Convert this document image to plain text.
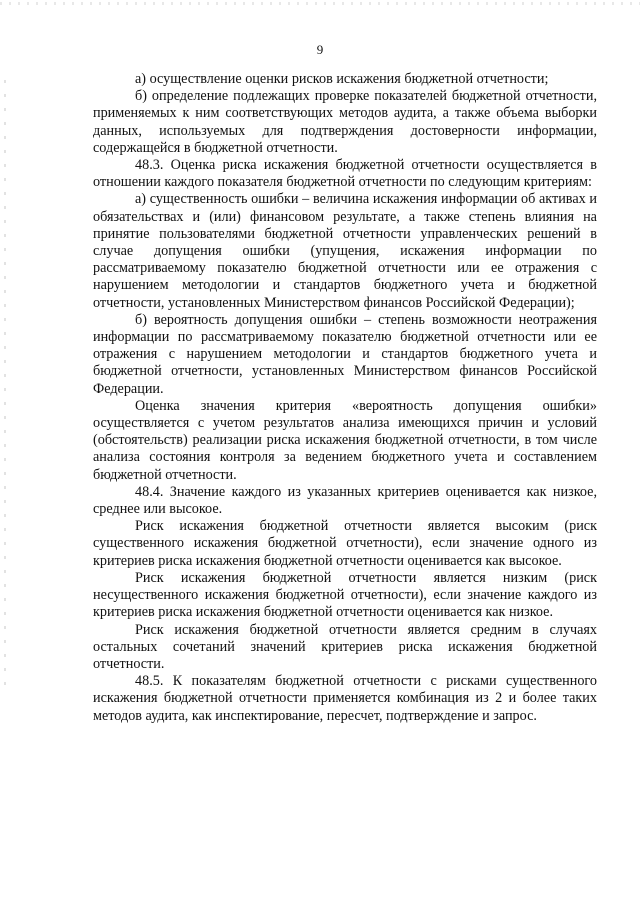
9

а) осуществление оценки рисков искажения бюджетной отчетности;

б) определение подлежащих проверке показателей бюджетной отчетности, применяемых к ним соответствующих методов аудита, а также объема выборки данных, используемых для подтверждения достоверности информации, содержащейся в бюджетной отчетности.

48.3. Оценка риска искажения бюджетной отчетности осуществляется в отношении каждого показателя бюджетной отчетности по следующим критериям:

а) существенность ошибки – величина искажения информации об активах и обязательствах и (или) финансовом результате, а также степень влияния на принятие пользователями бюджетной отчетности управленческих решений в случае допущения ошибки (упущения, искажения информации по рассматриваемому показателю бюджетной отчетности или ее отражения с нарушением методологии и стандартов бюджетного учета и бюджетной отчетности, установленных Министерством финансов Российской Федерации);

б) вероятность допущения ошибки – степень возможности неотражения информации по рассматриваемому показателю бюджетной отчетности или ее отражения с нарушением методологии и стандартов бюджетного учета и бюджетной отчетности, установленных Министерством финансов Российской Федерации.

Оценка значения критерия «вероятность допущения ошибки» осуществляется с учетом результатов анализа имеющихся причин и условий (обстоятельств) реализации риска искажения бюджетной отчетности, в том числе анализа состояния контроля за ведением бюджетного учета и составлением бюджетной отчетности.

48.4. Значение каждого из указанных критериев оценивается как низкое, среднее или высокое.

Риск искажения бюджетной отчетности является высоким (риск существенного искажения бюджетной отчетности), если значение одного из критериев риска искажения бюджетной отчетности оценивается как высокое.

Риск искажения бюджетной отчетности является низким (риск несущественного искажения бюджетной отчетности), если значение каждого из критериев риска искажения бюджетной отчетности оценивается как низкое.

Риск искажения бюджетной отчетности является средним в случаях остальных сочетаний значений критериев риска искажения бюджетной отчетности.

48.5. К показателям бюджетной отчетности с рисками существенного искажения бюджетной отчетности применяется комбинация из 2 и более таких методов аудита, как инспектирование, пересчет, подтверждение и запрос.
